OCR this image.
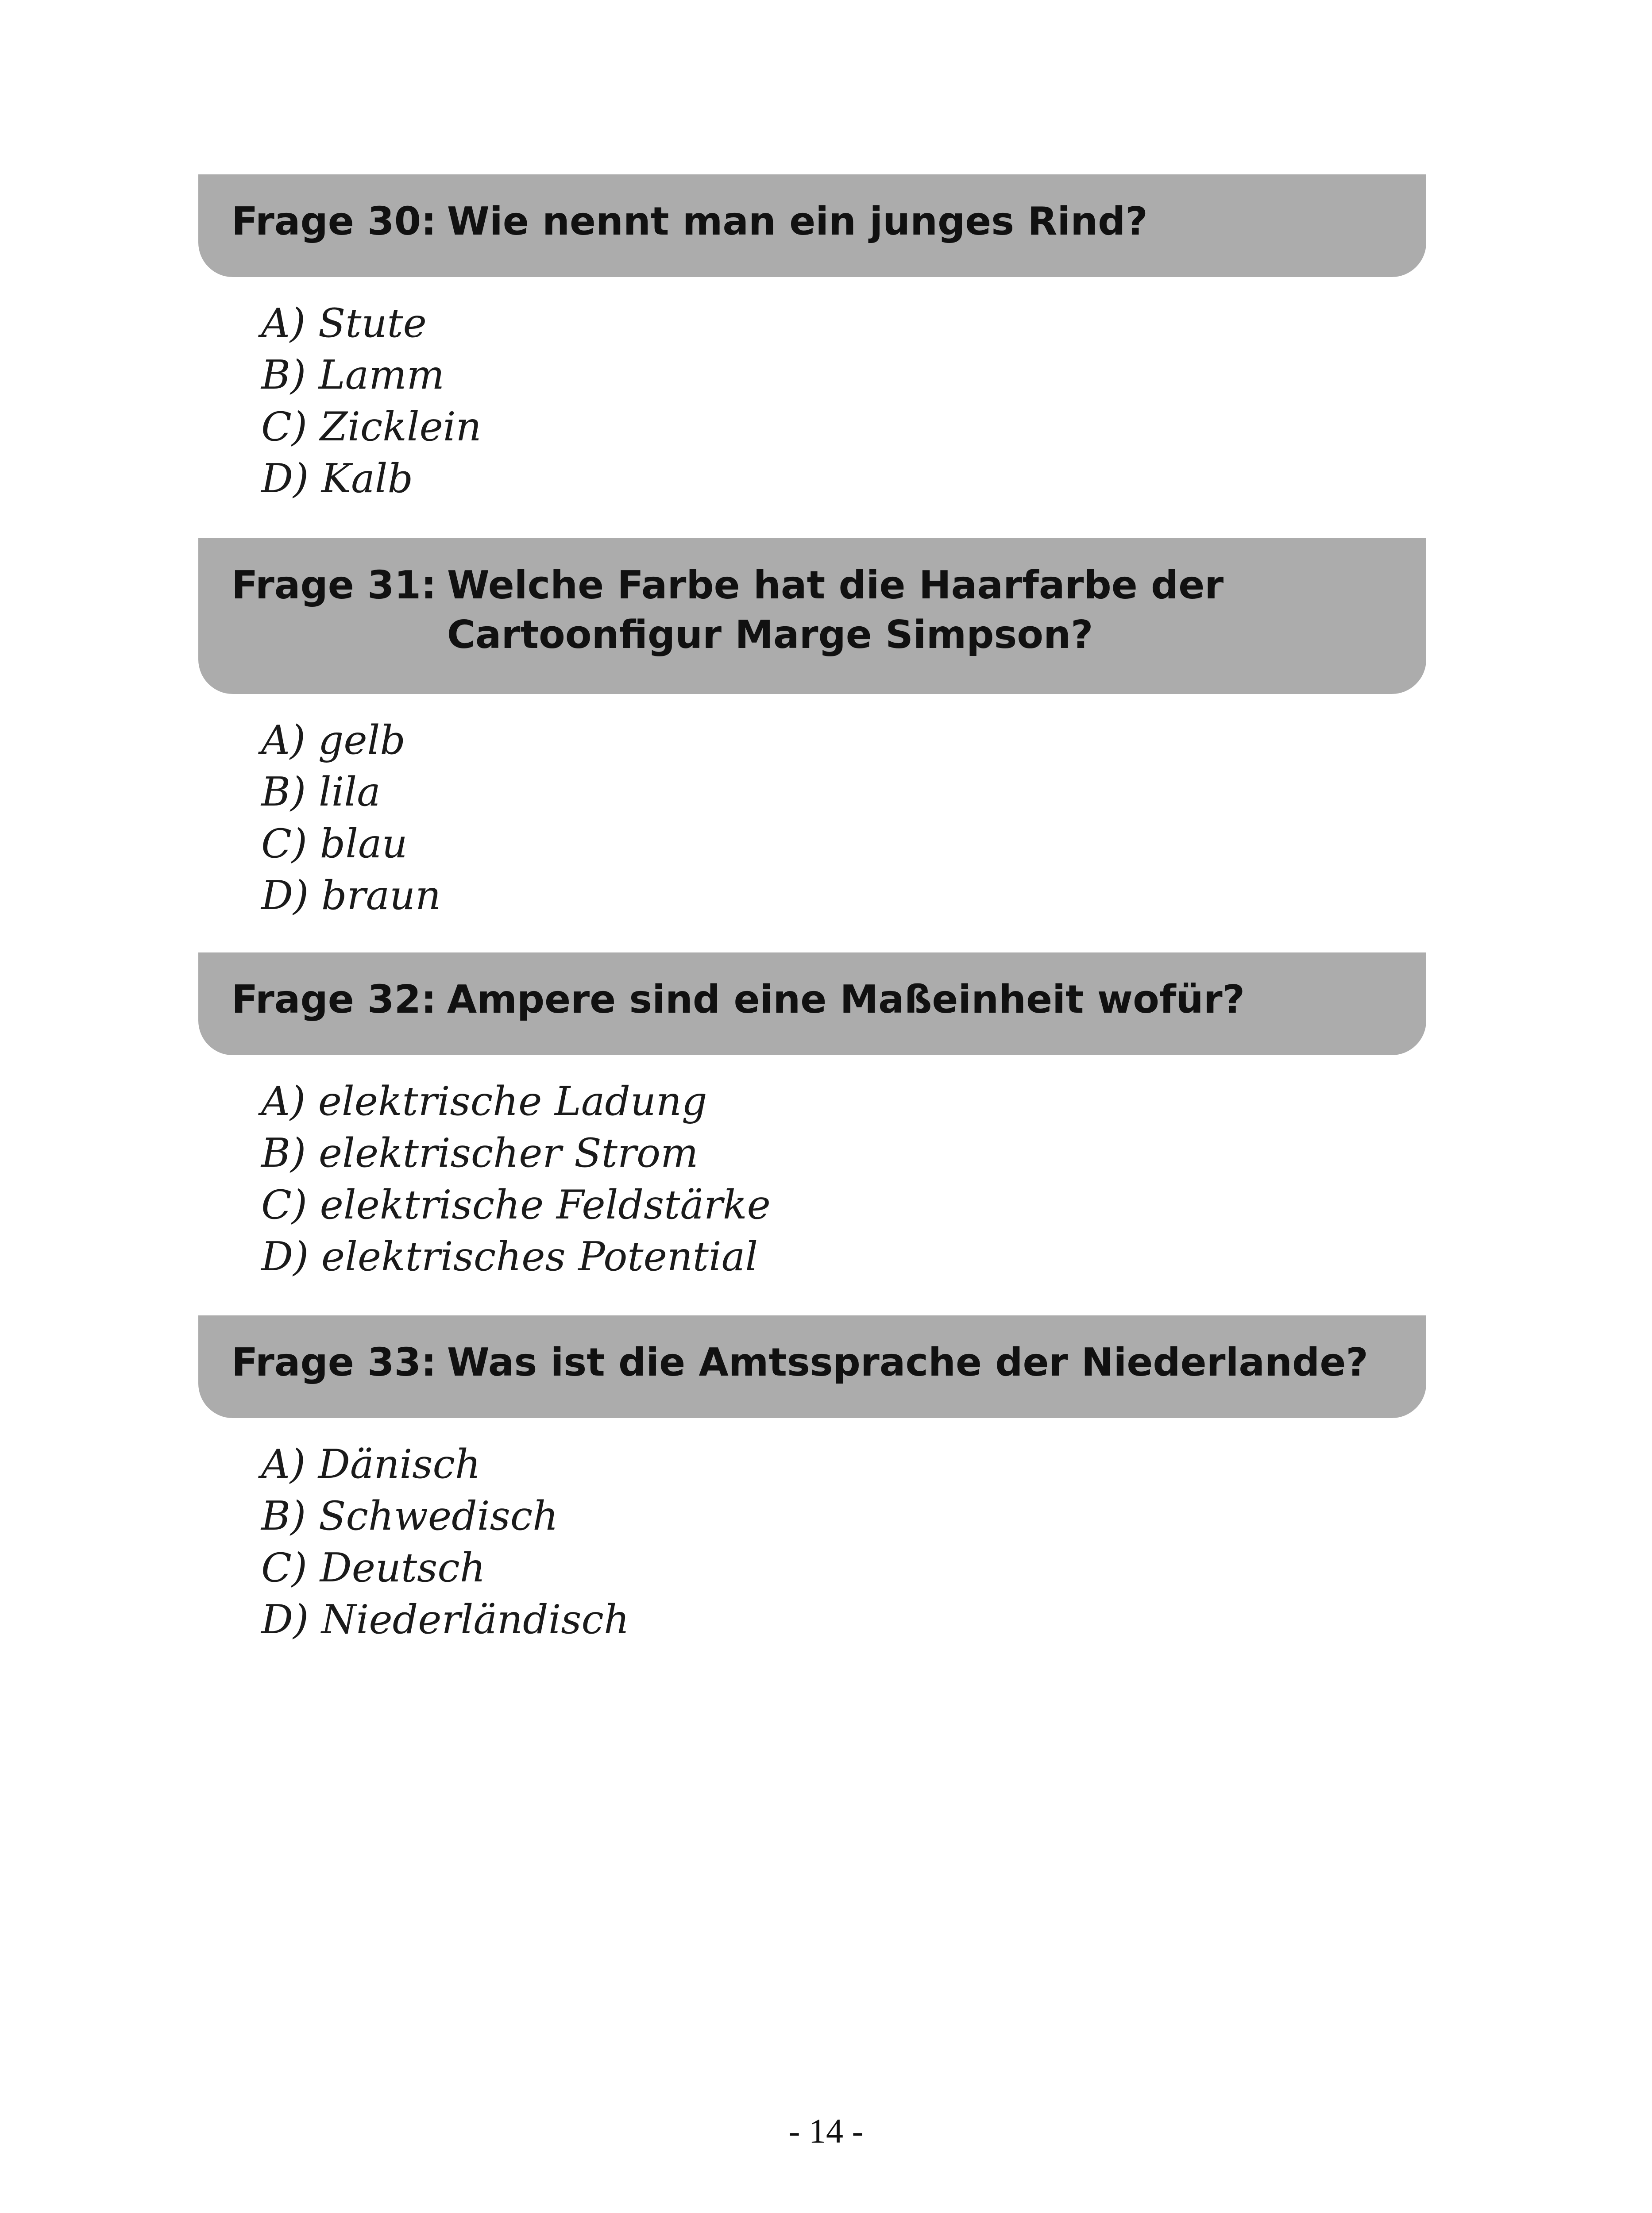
Frage 30: Wie nennt man ein junges Rind?
A) Stute
B) Lamm
C) Zicklein
D) Kalb
Frage 31: Welche Farbe hat die Haarfarbe der Cartoonfigur Marge Simpson?
A) gelb
B) lila
C) blau
D) braun
Frage 32: Ampere sind eine Maßeinheit wofür?
A) elektrische Ladung
B) elektrischer Strom
C) elektrische Feldstärke
D) elektrisches Potential
Frage 33: Was ist die Amtssprache der Niederlande?
A) Dänisch
B) Schwedisch
C) Deutsch
D) Niederländisch
- 14 -
